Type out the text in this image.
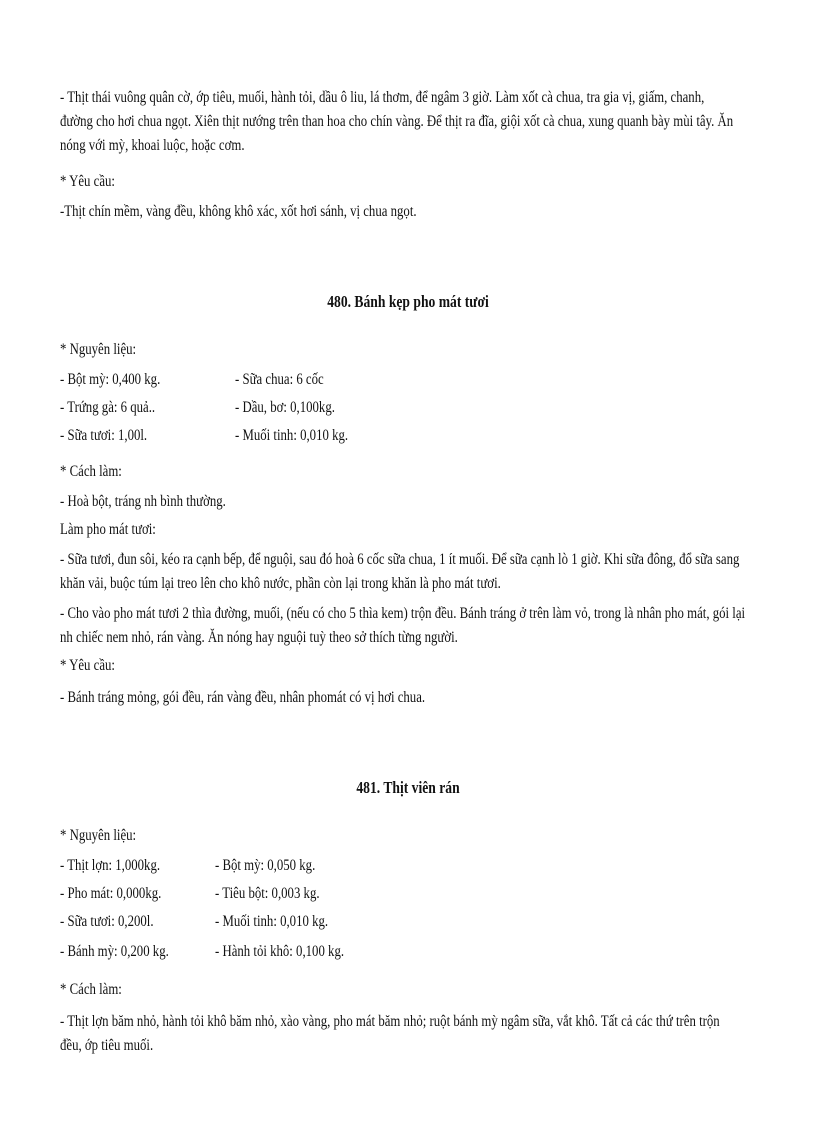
- Thịt thái vuông quân cờ, ớp tiêu, muối, hành tỏi, dầu ô liu, lá thơm, để ngâm 3 giờ. Làm xốt cà chua, tra gia vị, giấm, chanh,
đường cho hơi chua ngọt. Xiên thịt nướng trên than hoa cho chín vàng. Để thịt ra đĩa, giội xốt cà chua, xung quanh bày mùi tây. Ăn
nóng với mỳ, khoai luộc, hoặc cơm.
* Yêu cầu:
-Thịt chín mềm, vàng đều, không khô xác, xốt hơi sánh, vị chua ngọt.
480. Bánh kẹp pho mát tươi
* Nguyên liệu:
- Bột mỳ: 0,400 kg.	- Sữa chua: 6 cốc
- Trứng gà: 6 quả..	- Dầu, bơ: 0,100kg.
- Sữa tươi: 1,00l.	- Muối tinh: 0,010 kg.
* Cách làm:
- Hoà bột, tráng nh bình thường.
Làm pho mát tươi:
- Sữa tươi, đun sôi, kéo ra cạnh bếp, để nguội, sau đó hoà 6 cốc sữa chua, 1 ít muối. Để sữa cạnh lò 1 giờ. Khi sữa đông, đổ sữa sang
khăn vải, buộc túm lại treo lên cho khô nước, phần còn lại trong khăn là pho mát tươi.
- Cho vào pho mát tươi 2 thìa đường, muối, (nếu có cho 5 thìa kem) trộn đều. Bánh tráng ở trên làm vỏ, trong là nhân pho mát, gói lại
nh chiếc nem nhỏ, rán vàng. Ăn nóng hay nguội tuỳ theo sở thích từng người.
* Yêu cầu:
- Bánh tráng mỏng, gói đều, rán vàng đều, nhân phomát có vị hơi chua.
481. Thịt viên rán
* Nguyên liệu:
- Thịt lợn: 1,000kg.	- Bột mỳ: 0,050 kg.
- Pho mát: 0,000kg.	- Tiêu bột: 0,003 kg.
- Sữa tươi: 0,200l.	- Muối tinh: 0,010 kg.
- Bánh mỳ: 0,200 kg.	- Hành tỏi khô: 0,100 kg.
* Cách làm:
- Thịt lợn băm nhỏ, hành tỏi khô băm nhỏ, xào vàng, pho mát băm nhỏ; ruột bánh mỳ ngâm sữa, vắt khô. Tất cả các thứ trên trộn
đều, ớp tiêu muối.
